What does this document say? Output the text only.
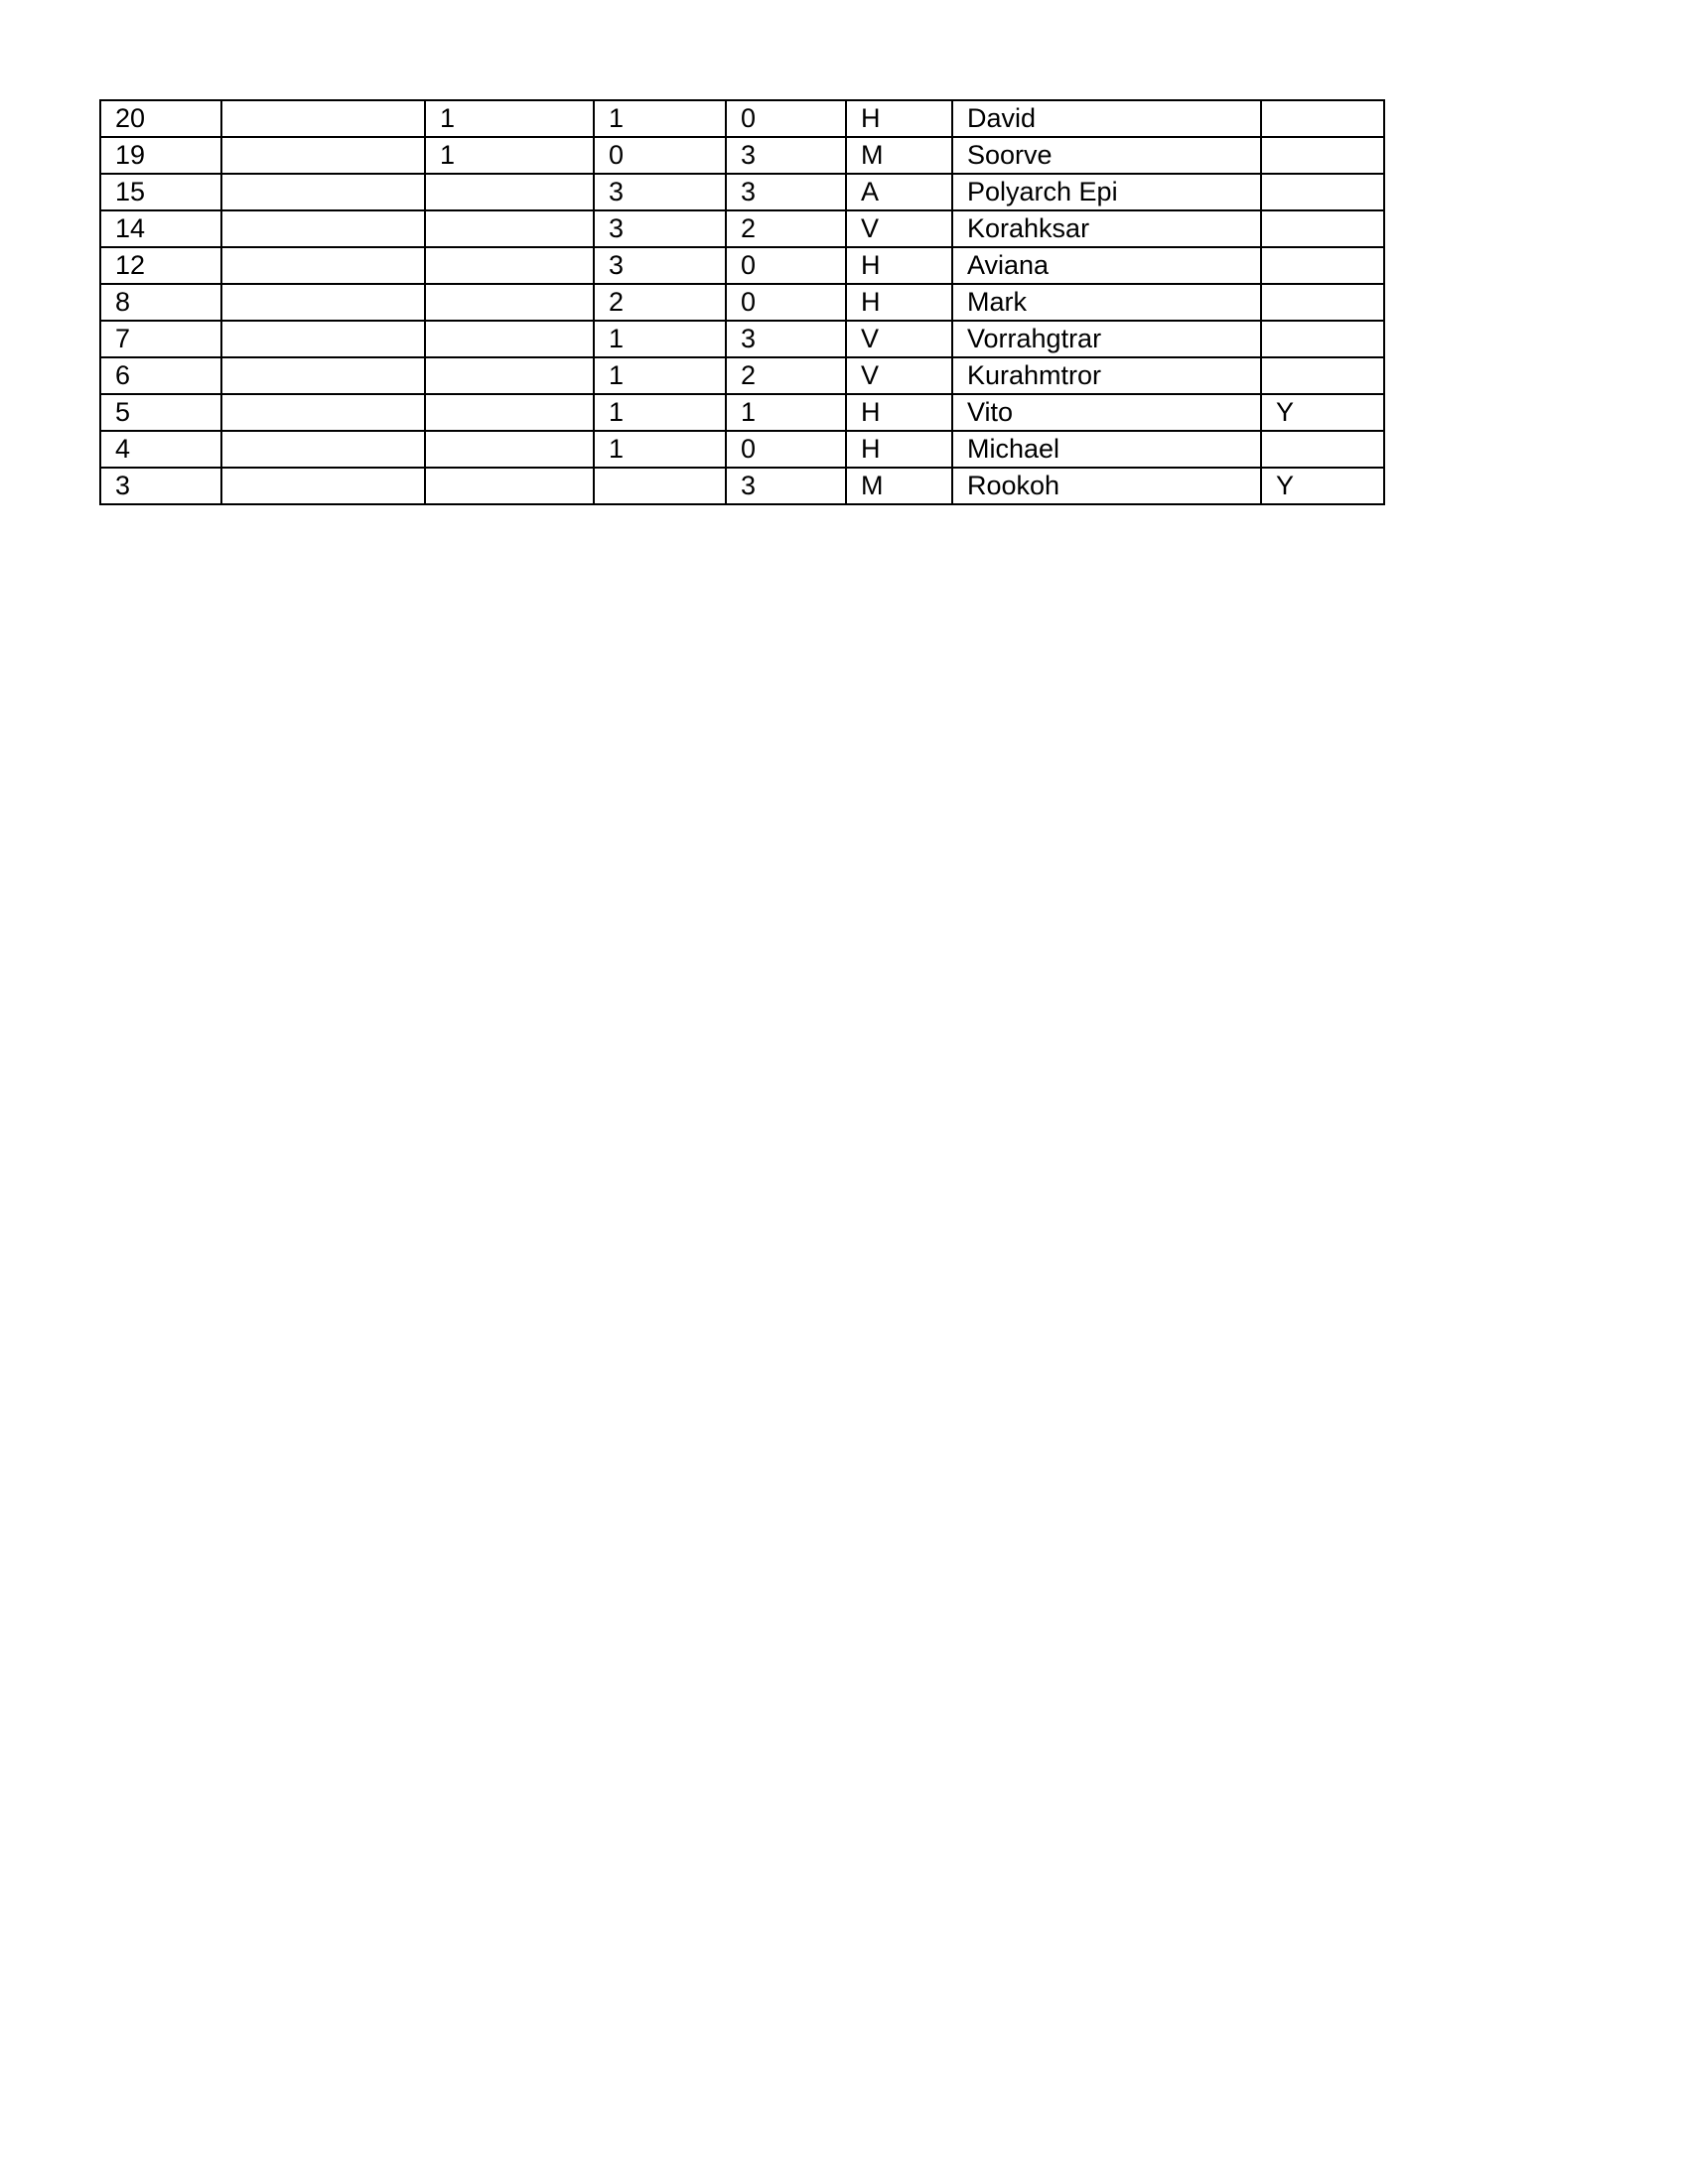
20		1	1	0	H	David	
19		1	0	3	M	Soorve	
15			3	3	A	Polyarch Epi	
14			3	2	V	Korahksar	
12			3	0	H	Aviana	
8			2	0	H	Mark	
7			1	3	V	Vorrahgtrar	
6			1	2	V	Kurahmtror	
5			1	1	H	Vito	Y
4			1	0	H	Michael	
3				3	M	Rookoh	Y
